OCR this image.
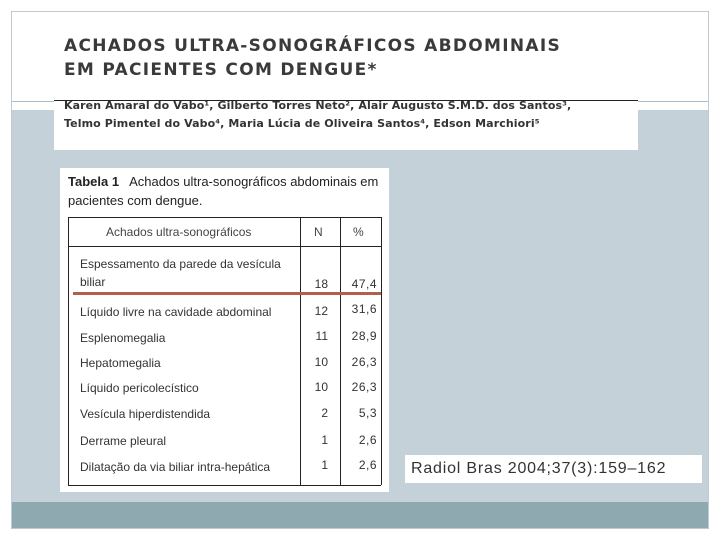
ACHADOS ULTRA-SONOGRÁFICOS ABDOMINAIS
EM PACIENTES COM DENGUE*
Karen Amaral do Vabo¹, Gilberto Torres Neto², Alair Augusto S.M.D. dos Santos³,
Telmo Pimentel do Vabo⁴, Maria Lúcia de Oliveira Santos⁴, Edson Marchiori⁵
Tabela 1 Achados ultra-sonográficos abdominais em pacientes com dengue.
Achados ultra-sonográficos	N	%
Espessamento da parede da vesícula biliar	18	47,4
Líquido livre na cavidade abdominal	12	31,6
Esplenomegalia	11	28,9
Hepatomegalia	10	26,3
Líquido pericolecístico	10	26,3
Vesícula hiperdistendida	2	5,3
Derrame pleural	1	2,6
Dilatação da via biliar intra-hepática	1	2,6 Radiol Bras 2004;37(3):159–162
